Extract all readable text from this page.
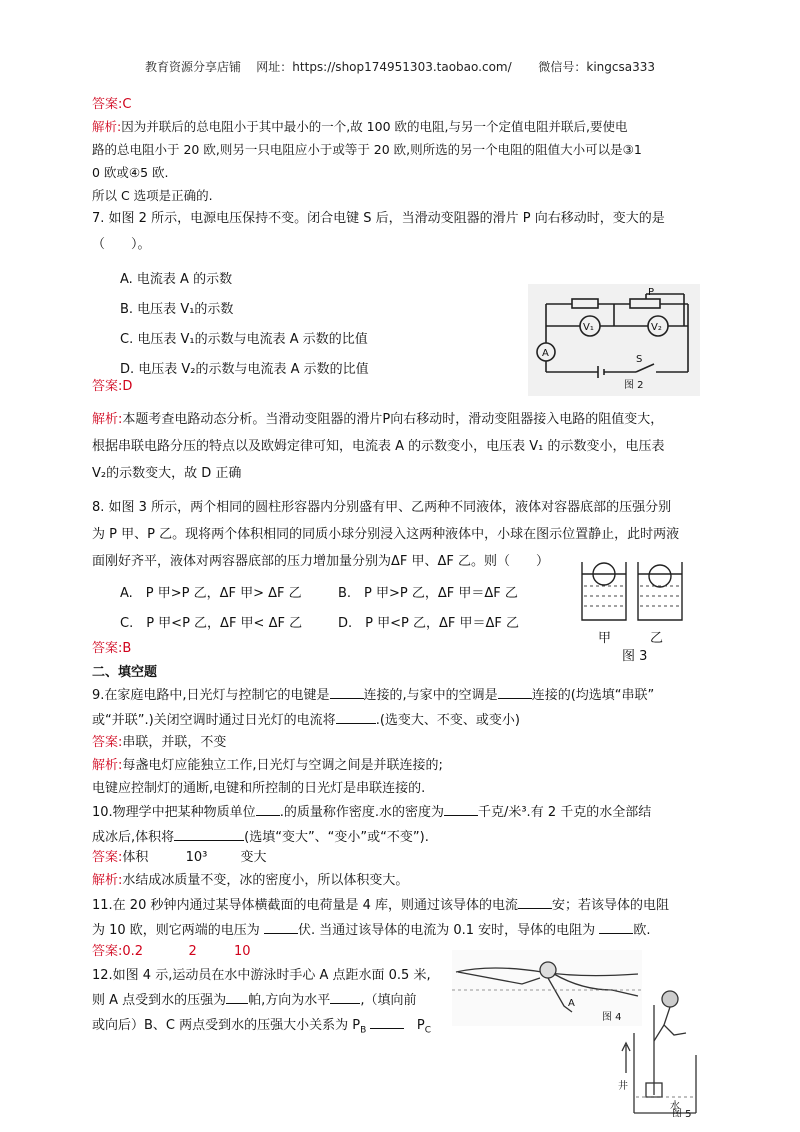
教育资源分享店铺 网址：https://shop174951303.taobao.com/ 微信号：kingcsa333
答案:C
解析:因为并联后的总电阻小于其中最小的一个,故 100 欧的电阻,与另一个定值电阻并联后,要使电
路的总电阻小于 20 欧,则另一只电阻应小于或等于 20 欧,则所选的另一个电阻的阻值大小可以是③1
0 欧或④5 欧.
所以 C 选项是正确的.
7. 如图 2 所示，电源电压保持不变。闭合电键 S 后，当滑动变阻器的滑片 P 向右移动时，变大的是
（　　）。
A. 电流表 A 的示数
B. 电压表 V₁的示数
C. 电压表 V₁的示数与电流表 A 示数的比值
D. 电压表 V₂的示数与电流表 A 示数的比值
P
V₁	V₂
A
S
图 2
答案:D
解析:本题考查电路动态分析。当滑动变阻器的滑片P向右移动时，滑动变阻器接入电路的阻值变大，
根据串联电路分压的特点以及欧姆定律可知，电流表 A 的示数变小，电压表 V₁ 的示数变小，电压表
V₂的示数变大，故 D 正确
8. 如图 3 所示，两个相同的圆柱形容器内分别盛有甲、乙两种不同液体，液体对容器底部的压强分别
为 P 甲、P 乙。现将两个体积相同的同质小球分别浸入这两种液体中，小球在图示位置静止，此时两液
面刚好齐平，液体对两容器底部的压力增加量分别为ΔF 甲、ΔF 乙。则（　　）
A.　P 甲>P 乙，ΔF 甲> ΔF 乙	B.　P 甲>P 乙，ΔF 甲＝ΔF 乙
C.　P 甲<P 乙，ΔF 甲< ΔF 乙	D.　P 甲<P 乙，ΔF 甲＝ΔF 乙
甲	乙
图 3
答案:B
二、填空题
9.在家庭电路中,日光灯与控制它的电键是	连接的,与家中的空调是	连接的(均选填“串联”
或“并联”.)关闭空调时通过日光灯的电流将	.(选变大、不变、或变小)
答案:串联，并联，不变
解析:每盏电灯应能独立工作,日光灯与空调之间是并联连接的;
电键应控制灯的通断,电键和所控制的日光灯是串联连接的.
10.物理学中把某种物质单位 .的质量称作密度.水的密度为	千克/米³.有 2 千克的水全部结
成冰后,体积将	(选填“变大”、“变小”或“不变”).
答案:体积	10³	变大
解析:水结成冰质量不变，冰的密度小，所以体积变大。
11.在 20 秒钟内通过某导体横截面的电荷量是 4 库，则通过该导体的电流	安；若该导体的电阻
为 10 欧，则它两端的电压为	伏. 当通过该导体的电流为 0.1 安时，导体的电阻为	欧.
答案:0.2	2	10
12.如图 4 示,运动员在水中游泳时手心 A 点距水面 0.5 米,
则 A 点受到水的压强为 帕,方向为水平 ,（填向前
或向后）B、C 两点受到水的压强大小关系为 $P_B$	$P_C$
A
图 4
井
水
图 5
